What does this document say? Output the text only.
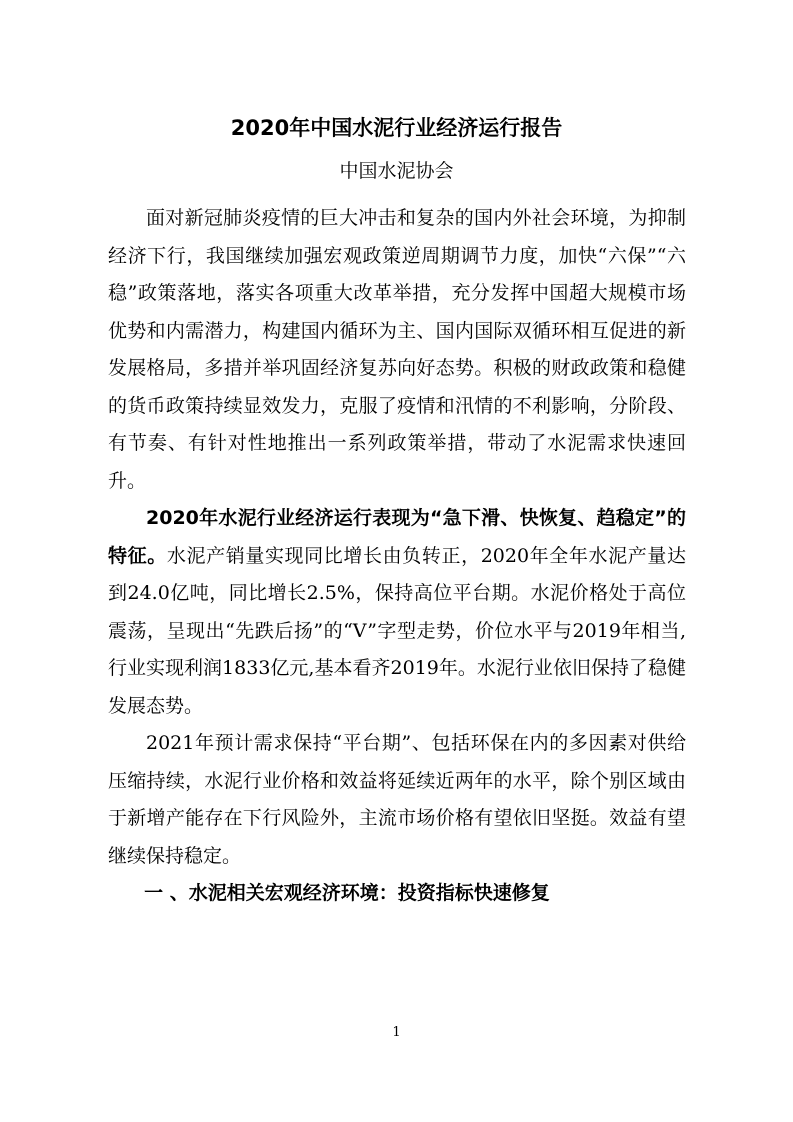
2020年中国水泥行业经济运行报告

中国水泥协会

面对新冠肺炎疫情的巨大冲击和复杂的国内外社会环境，为抑制经济下行，我国继续加强宏观政策逆周期调节力度，加快“六保”“六稳”政策落地，落实各项重大改革举措，充分发挥中国超大规模市场优势和内需潜力，构建国内循环为主、国内国际双循环相互促进的新发展格局，多措并举巩固经济复苏向好态势。积极的财政政策和稳健的货币政策持续显效发力，克服了疫情和汛情的不利影响，分阶段、有节奏、有针对性地推出一系列政策举措，带动了水泥需求快速回升。

2020年水泥行业经济运行表现为“急下滑、快恢复、趋稳定”的特征。水泥产销量实现同比增长由负转正，2020年全年水泥产量达到24.0亿吨，同比增长2.5%，保持高位平台期。水泥价格处于高位震荡，呈现出“先跌后扬”的“V”字型走势，价位水平与2019年相当,行业实现利润1833亿元,基本看齐2019年。水泥行业依旧保持了稳健发展态势。

2021年预计需求保持“平台期”、包括环保在内的多因素对供给压缩持续，水泥行业价格和效益将延续近两年的水平，除个别区域由于新增产能存在下行风险外，主流市场价格有望依旧坚挺。效益有望继续保持稳定。

一 、水泥相关宏观经济环境：投资指标快速修复

1
